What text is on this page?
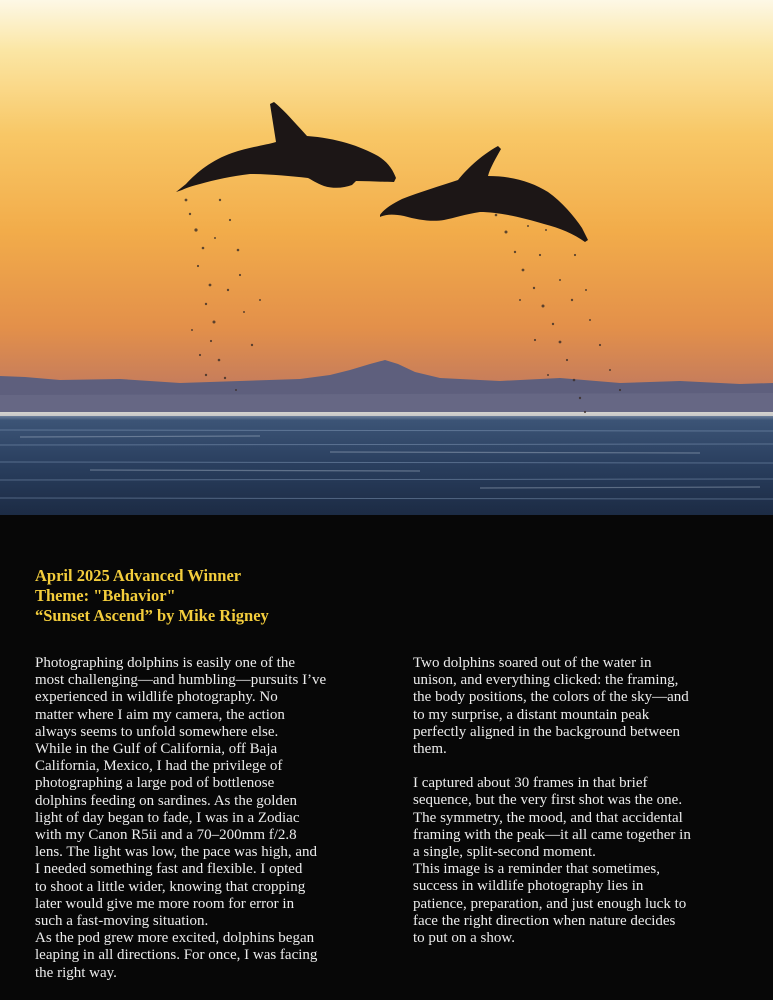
April 2025 Advanced Winner
Theme: "Behavior"
“Sunset Ascend” by Mike Rigney

Photographing dolphins is easily one of the
most challenging—and humbling—pursuits I’ve
experienced in wildlife photography. No
matter where I aim my camera, the action
always seems to unfold somewhere else.
While in the Gulf of California, off Baja
California, Mexico, I had the privilege of
photographing a large pod of bottlenose
dolphins feeding on sardines. As the golden
light of day began to fade, I was in a Zodiac
with my Canon R5ii and a 70–200mm f/2.8
lens. The light was low, the pace was high, and
I needed something fast and flexible. I opted
to shoot a little wider, knowing that cropping
later would give me more room for error in
such a fast-moving situation.
As the pod grew more excited, dolphins began
leaping in all directions. For once, I was facing
the right way.

Two dolphins soared out of the water in
unison, and everything clicked: the framing,
the body positions, the colors of the sky—and
to my surprise, a distant mountain peak
perfectly aligned in the background between
them.

I captured about 30 frames in that brief
sequence, but the very first shot was the one.
The symmetry, the mood, and that accidental
framing with the peak—it all came together in
a single, split-second moment.
This image is a reminder that sometimes,
success in wildlife photography lies in
patience, preparation, and just enough luck to
face the right direction when nature decides
to put on a show.
